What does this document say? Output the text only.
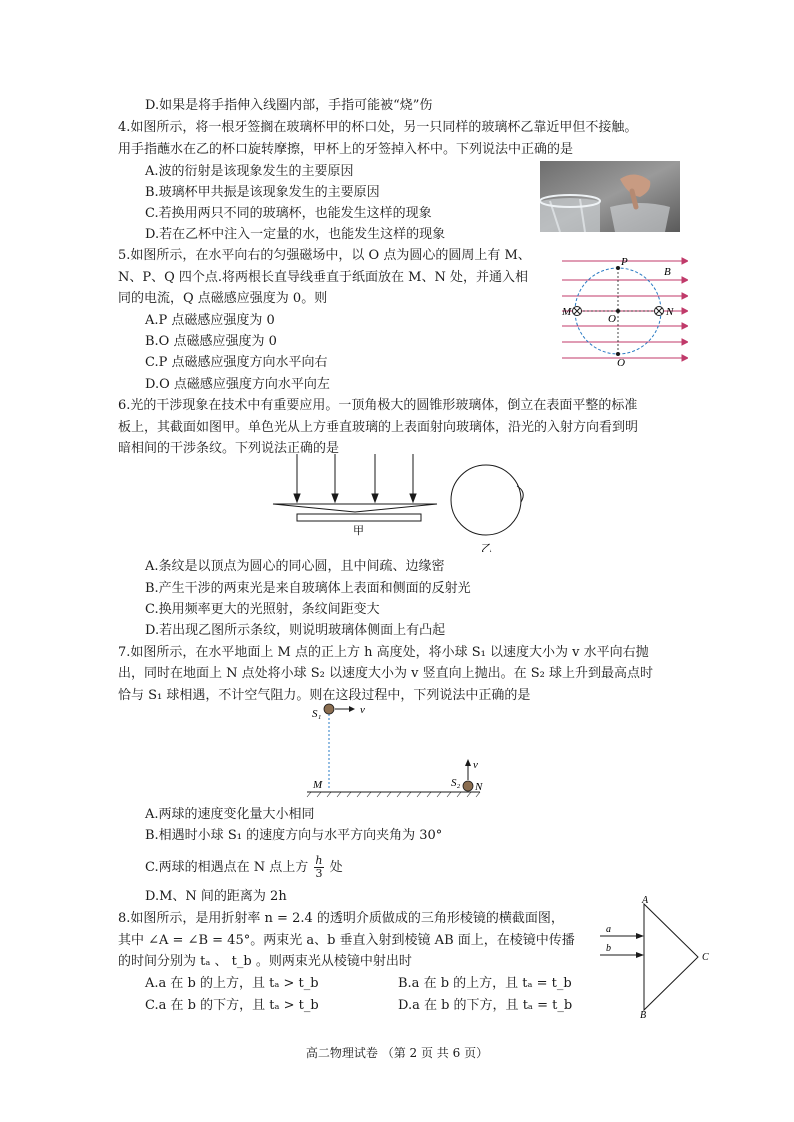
D.如果是将手指伸入线圈内部，手指可能被“烧”伤
4.如图所示，将一根牙签搁在玻璃杯甲的杯口处，另一只同样的玻璃杯乙靠近甲但不接触。
用手指蘸水在乙的杯口旋转摩擦，甲杯上的牙签掉入杯中。下列说法中正确的是
A.波的衍射是该现象发生的主要原因
B.玻璃杯甲共振是该现象发生的主要原因
C.若换用两只不同的玻璃杯，也能发生这样的现象
D.若在乙杯中注入一定量的水，也能发生这样的现象
5.如图所示，在水平向右的匀强磁场中，以 O 点为圆心的圆周上有 M、
N、P、Q 四个点.将两根长直导线垂直于纸面放在 M、N 处，并通入相
同的电流，Q 点磁感应强度为 0。则
A.P 点磁感应强度为 0
B.O 点磁感应强度为 0
C.P 点磁感应强度方向水平向右
D.O 点磁感应强度方向水平向左
6.光的干涉现象在技术中有重要应用。一顶角极大的圆锥形玻璃体，倒立在表面平整的标准
板上，其截面如图甲。单色光从上方垂直玻璃的上表面射向玻璃体，沿光的入射方向看到明
暗相间的干涉条纹。下列说法正确的是
A.条纹是以顶点为圆心的同心圆，且中间疏、边缘密
B.产生干涉的两束光是来自玻璃体上表面和侧面的反射光
C.换用频率更大的光照射，条纹间距变大
D.若出现乙图所示条纹，则说明玻璃体侧面上有凸起
7.如图所示，在水平地面上 M 点的正上方 h 高度处，将小球 S₁ 以速度大小为 v 水平向右抛
出，同时在地面上 N 点处将小球 S₂ 以速度大小为 v 竖直向上抛出。在 S₂ 球上升到最高点时
恰与 S₁ 球相遇，不计空气阻力。则在这段过程中，下列说法中正确的是
A.两球的速度变化量大小相同
B.相遇时小球 S₁ 的速度方向与水平方向夹角为 30°
C.两球的相遇点在 N 点上方 $\frac{h}{3}$ 处
D.M、N 间的距离为 2h
8.如图所示，是用折射率 n = 2.4 的透明介质做成的三角形棱镜的横截面图，
其中 ∠A = ∠B = 45°。两束光 a、b 垂直入射到棱镜 AB 面上，在棱镜中传播
的时间分别为 tₐ 、 t_b 。则两束光从棱镜中射出时
A.a 在 b 的上方，且 tₐ > t_b	B.a 在 b 的上方，且 tₐ = t_b
C.a 在 b 的下方，且 tₐ > t_b	D.a 在 b 的下方，且 tₐ = t_b
P
B
M	N
O
Q
甲
乙
S₁	v
v
M	S₂ N
A
a
b
C
B
高二物理试卷 （第 2 页 共 6 页）
